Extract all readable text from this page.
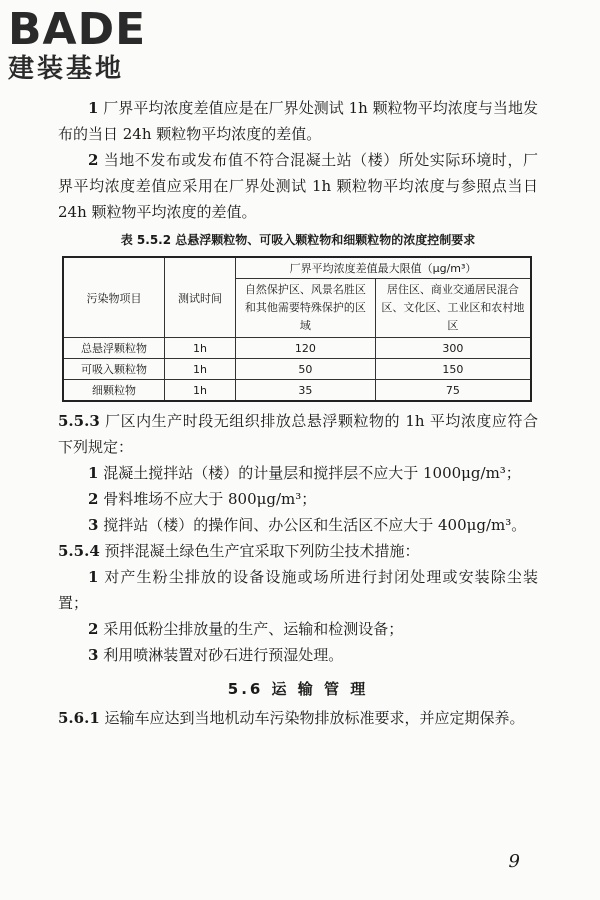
BADE
建装基地

1 厂界平均浓度差值应是在厂界处测试 1h 颗粒物平均浓度与当地发布的当日 24h 颗粒物平均浓度的差值。

2 当地不发布或发布值不符合混凝土站（楼）所处实际环境时，厂界平均浓度差值应采用在厂界处测试 1h 颗粒物平均浓度与参照点当日 24h 颗粒物平均浓度的差值。

表 5.5.2 总悬浮颗粒物、可吸入颗粒物和细颗粒物的浓度控制要求
污染物项目	测试时间	厂界平均浓度差值最大限值（μg/m³）	
		自然保护区、风景名胜区和其他需要特殊保护的区域	居住区、商业交通居民混合区、文化区、工业区和农村地区
总悬浮颗粒物	1h	120	300
可吸入颗粒物	1h	50	150
细颗粒物	1h	35	75

5.5.3 厂区内生产时段无组织排放总悬浮颗粒物的 1h 平均浓度应符合下列规定：

1 混凝土搅拌站（楼）的计量层和搅拌层不应大于 1000μg/m³；

2 骨料堆场不应大于 800μg/m³；

3 搅拌站（楼）的操作间、办公区和生活区不应大于 400μg/m³。

5.5.4 预拌混凝土绿色生产宜采取下列防尘技术措施：

1 对产生粉尘排放的设备设施或场所进行封闭处理或安装除尘装置；

2 采用低粉尘排放量的生产、运输和检测设备；

3 利用喷淋装置对砂石进行预湿处理。

5.6 运 输 管 理

5.6.1 运输车应达到当地机动车污染物排放标准要求，并应定期保养。

9
